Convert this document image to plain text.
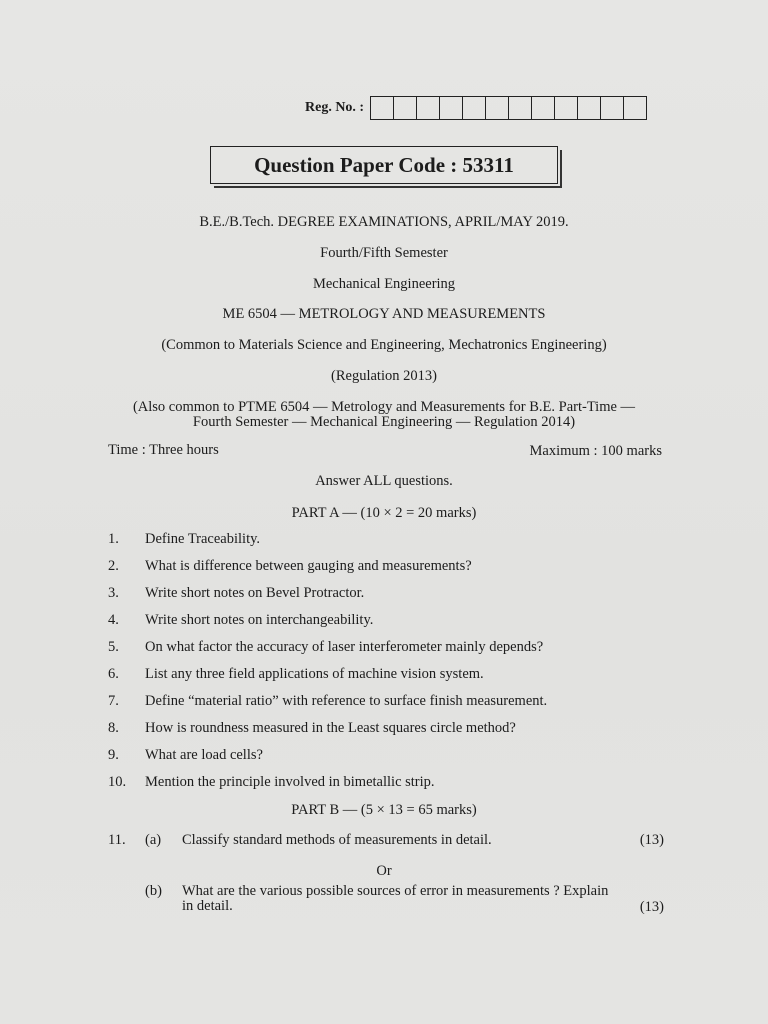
Reg. No. :
Question Paper Code : 53311
B.E./B.Tech. DEGREE EXAMINATIONS, APRIL/MAY 2019.
Fourth/Fifth Semester
Mechanical Engineering
ME 6504 — METROLOGY AND MEASUREMENTS
(Common to Materials Science and Engineering, Mechatronics Engineering)
(Regulation 2013)
(Also common to PTME 6504 — Metrology and Measurements for B.E. Part-Time —
Fourth Semester — Mechanical Engineering — Regulation 2014)
Time : Three hours	Maximum : 100 marks
Answer ALL questions.
PART A — (10 × 2 = 20 marks)
1.	Define Traceability.
2.	What is difference between gauging and measurements?
3.	Write short notes on Bevel Protractor.
4.	Write short notes on interchangeability.
5.	On what factor the accuracy of laser interferometer mainly depends?
6.	List any three field applications of machine vision system.
7.	Define “material ratio” with reference to surface finish measurement.
8.	How is roundness measured in the Least squares circle method?
9.	What are load cells?
10.	Mention the principle involved in bimetallic strip.
PART B — (5 × 13 = 65 marks)
11. (a) Classify standard methods of measurements in detail.	(13)
Or
(b) What are the various possible sources of error in measurements ? Explain
in detail.	(13)
